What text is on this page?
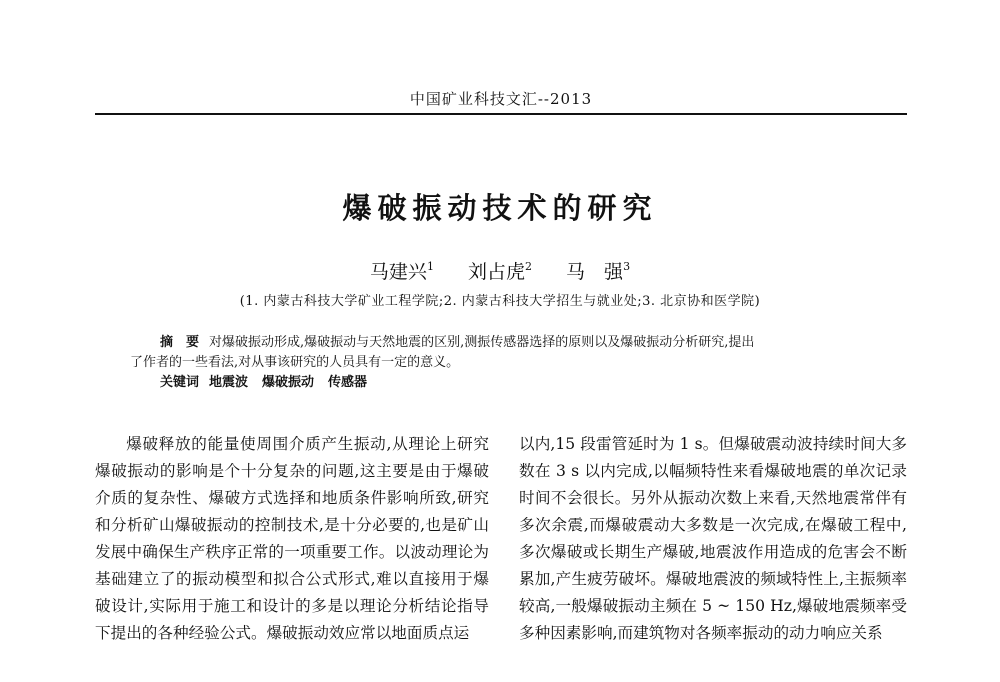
中国矿业科技文汇--2013
爆破振动技术的研究
马建兴$^1$ 刘占虎$^2$ 马　强$^3$
(1. 内蒙古科技大学矿业工程学院;2. 内蒙古科技大学招生与就业处;3. 北京协和医学院)

摘　要 对爆破振动形成,爆破振动与天然地震的区别,测振传感器选择的原则以及爆破振动分析研究,提出

了作者的一些看法,对从事该研究的人员具有一定的意义。

关键词 地震波 爆破振动 传感器

爆破释放的能量使周围介质产生振动,从理论上研究爆破振动的影响是个十分复杂的问题,这主要是由于爆破介质的复杂性、爆破方式选择和地质条件影响所致,研究和分析矿山爆破振动的控制技术,是十分必要的,也是矿山发展中确保生产秩序正常的一项重要工作。以波动理论为基础建立了的振动模型和拟合公式形式,难以直接用于爆破设计,实际用于施工和设计的多是以理论分析结论指导下提出的各种经验公式。爆破振动效应常以地面质点运

以内,15 段雷管延时为 1 s。但爆破震动波持续时间大多数在 3 s 以内完成,以幅频特性来看爆破地震的单次记录时间不会很长。另外从振动次数上来看,天然地震常伴有多次余震,而爆破震动大多数是一次完成,在爆破工程中,多次爆破或长期生产爆破,地震波作用造成的危害会不断累加,产生疲劳破坏。爆破地震波的频域特性上,主振频率较高,一般爆破振动主频在 5 ~ 150 Hz,爆破地震频率受多种因素影响,而建筑物对各频率振动的动力响应关系
